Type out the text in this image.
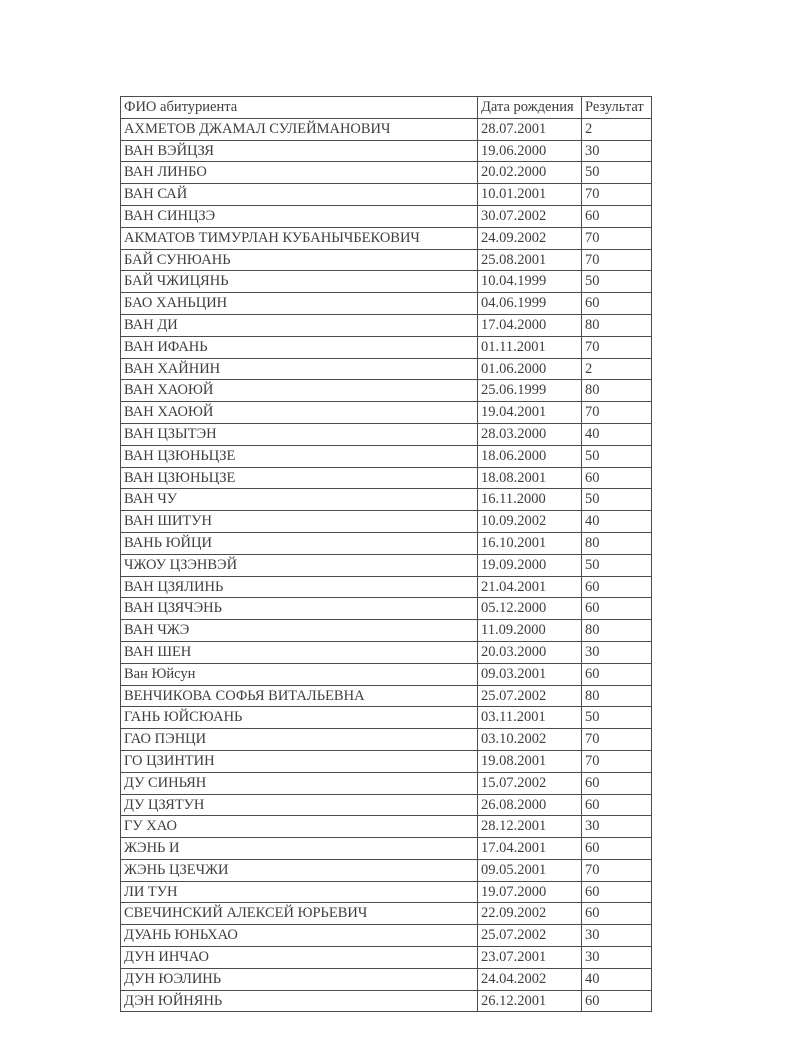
ФИО абитуриента	Дата рождения	Результат
АХМЕТОВ ДЖАМАЛ СУЛЕЙМАНОВИЧ	28.07.2001	2
ВАН ВЭЙЦЗЯ	19.06.2000	30
ВАН ЛИНБО	20.02.2000	50
ВАН САЙ	10.01.2001	70
ВАН СИНЦЗЭ	30.07.2002	60
АКМАТОВ ТИМУРЛАН КУБАНЫЧБЕКОВИЧ	24.09.2002	70
БАЙ СУНЮАНЬ	25.08.2001	70
БАЙ ЧЖИЦЯНЬ	10.04.1999	50
БАО ХАНЬЦИН	04.06.1999	60
ВАН ДИ	17.04.2000	80
ВАН ИФАНЬ	01.11.2001	70
ВАН ХАЙНИН	01.06.2000	2
ВАН ХАОЮЙ	25.06.1999	80
ВАН ХАОЮЙ	19.04.2001	70
ВАН ЦЗЫТЭН	28.03.2000	40
ВАН ЦЗЮНЬЦЗЕ	18.06.2000	50
ВАН ЦЗЮНЬЦЗЕ	18.08.2001	60
ВАН ЧУ	16.11.2000	50
ВАН ШИТУН	10.09.2002	40
ВАНЬ ЮЙЦИ	16.10.2001	80
ЧЖОУ ЦЗЭНВЭЙ	19.09.2000	50
ВАН ЦЗЯЛИНЬ	21.04.2001	60
ВАН ЦЗЯЧЭНЬ	05.12.2000	60
ВАН ЧЖЭ	11.09.2000	80
ВАН ШЕН	20.03.2000	30
Ван Юйсун	09.03.2001	60
ВЕНЧИКОВА СОФЬЯ ВИТАЛЬЕВНА	25.07.2002	80
ГАНЬ ЮЙСЮАНЬ	03.11.2001	50
ГАО ПЭНЦИ	03.10.2002	70
ГО ЦЗИНТИН	19.08.2001	70
ДУ СИНЬЯН	15.07.2002	60
ДУ ЦЗЯТУН	26.08.2000	60
ГУ ХАО	28.12.2001	30
ЖЭНЬ И	17.04.2001	60
ЖЭНЬ ЦЗЕЧЖИ	09.05.2001	70
ЛИ ТУН	19.07.2000	60
СВЕЧИНСКИЙ АЛЕКСЕЙ ЮРЬЕВИЧ	22.09.2002	60
ДУАНЬ ЮНЬХАО	25.07.2002	30
ДУН ИНЧАО	23.07.2001	30
ДУН ЮЭЛИНЬ	24.04.2002	40
ДЭН ЮЙНЯНЬ	26.12.2001	60
